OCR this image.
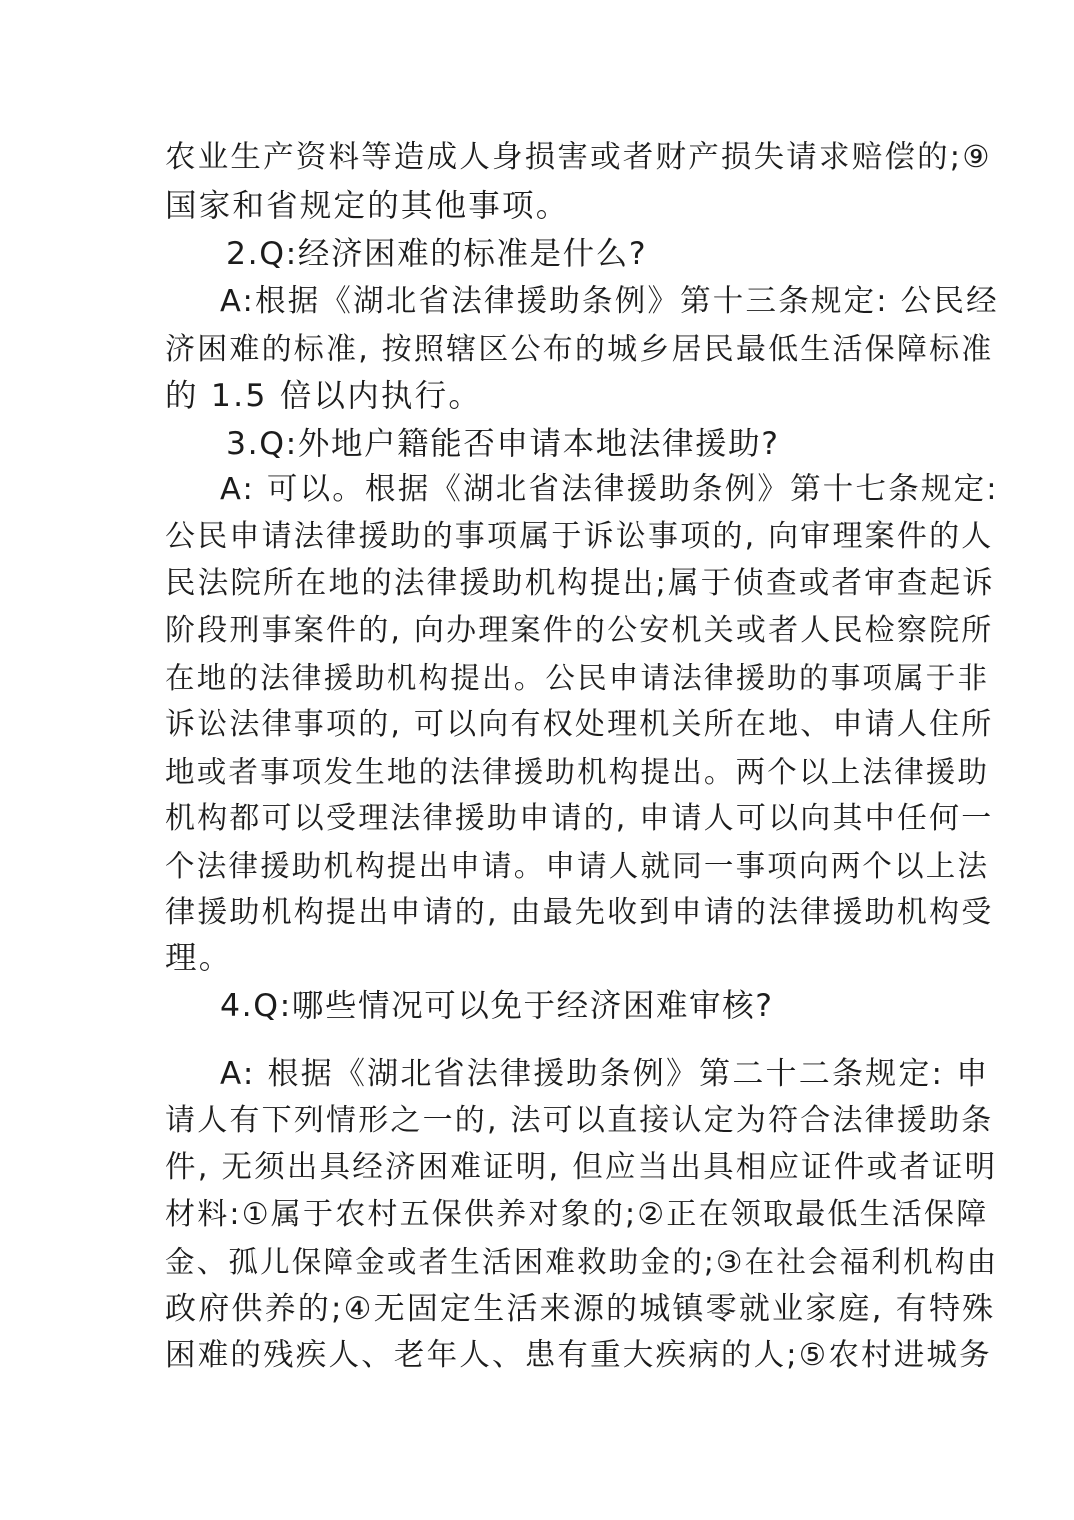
农业生产资料等造成人身损害或者财产损失请求赔偿的;⑨
国家和省规定的其他事项。
2.Q:经济困难的标准是什么?
A:根据《湖北省法律援助条例》第十三条规定: 公民经
济困难的标准, 按照辖区公布的城乡居民最低生活保障标准
的 1.5 倍以内执行。
3.Q:外地户籍能否申请本地法律援助?
A: 可以。根据《湖北省法律援助条例》第十七条规定:
公民申请法律援助的事项属于诉讼事项的, 向审理案件的人
民法院所在地的法律援助机构提出;属于侦查或者审查起诉
阶段刑事案件的, 向办理案件的公安机关或者人民检察院所
在地的法律援助机构提出。公民申请法律援助的事项属于非
诉讼法律事项的, 可以向有权处理机关所在地、申请人住所
地或者事项发生地的法律援助机构提出。两个以上法律援助
机构都可以受理法律援助申请的, 申请人可以向其中任何一
个法律援助机构提出申请。申请人就同一事项向两个以上法
律援助机构提出申请的, 由最先收到申请的法律援助机构受
理。
4.Q:哪些情况可以免于经济困难审核?
A: 根据《湖北省法律援助条例》第二十二条规定: 申
请人有下列情形之一的, 法可以直接认定为符合法律援助条
件, 无须出具经济困难证明, 但应当出具相应证件或者证明
材料:①属于农村五保供养对象的;②正在领取最低生活保障
金、孤儿保障金或者生活困难救助金的;③在社会福利机构由
政府供养的;④无固定生活来源的城镇零就业家庭, 有特殊
困难的残疾人、老年人、患有重大疾病的人;⑤农村进城务
